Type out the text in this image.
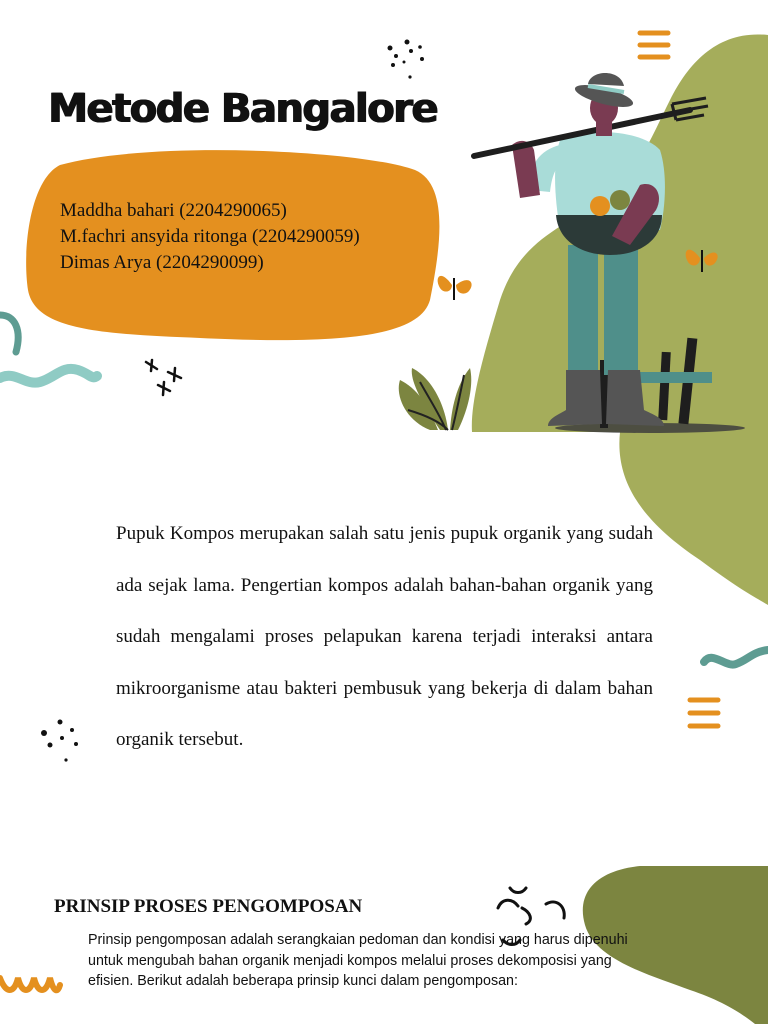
Metode Bangalore
Maddha bahari (2204290065)
M.fachri ansyida ritonga (2204290059)
Dimas Arya (2204290099)
Pupuk Kompos merupakan salah satu jenis pupuk organik yang sudah ada sejak lama. Pengertian kompos adalah bahan-bahan organik yang sudah mengalami proses pelapukan karena terjadi interaksi antara mikroorganisme atau bakteri pembusuk yang bekerja di dalam bahan organik tersebut.
PRINSIP PROSES PENGOMPOSAN
Prinsip pengomposan adalah serangkaian pedoman dan kondisi yang harus dipenuhi untuk mengubah bahan organik menjadi kompos melalui proses dekomposisi yang efisien. Berikut adalah beberapa prinsip kunci dalam pengomposan:
